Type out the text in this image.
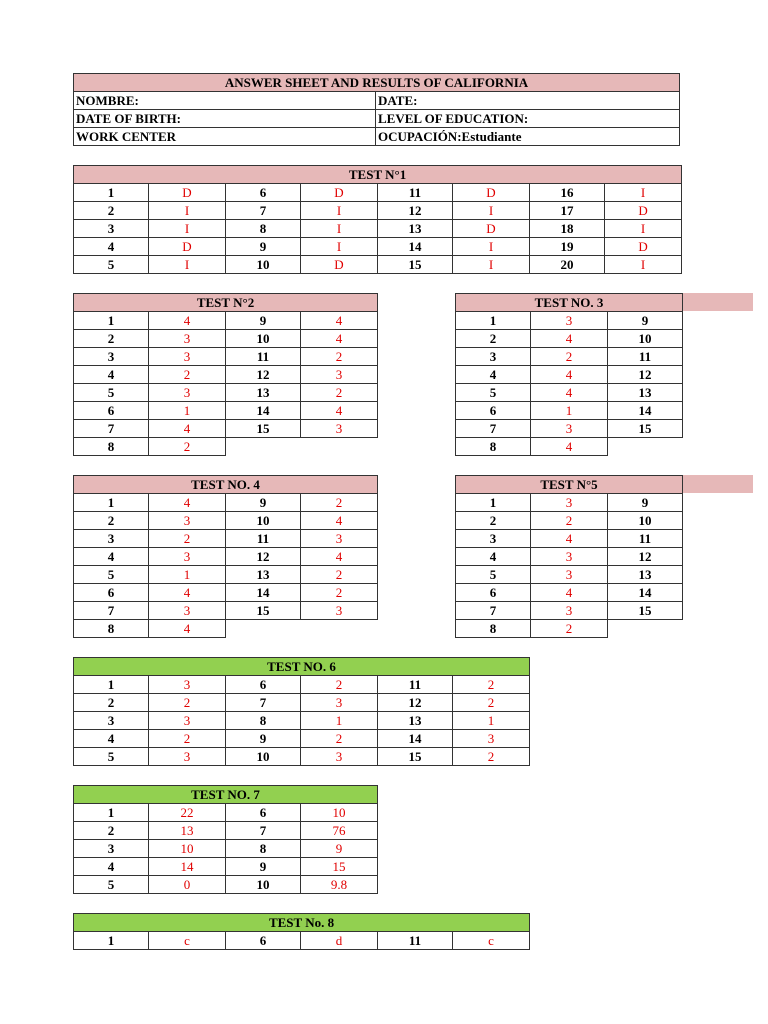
ANSWER SHEET AND RESULTS OF CALIFORNIA	
NOMBRE:	DATE:
DATE OF BIRTH:	LEVEL OF EDUCATION:
WORK CENTER	OCUPACIÓN:Estudiante
TEST N°1							
1	D	6	D	11	D	16	I
2	I	7	I	12	I	17	D
3	I	8	I	13	D	18	I
4	D	9	I	14	I	19	D
5	I	10	D	15	I	20	I
TEST N°2			
1	4	9	4
2	3	10	4
3	3	11	2
4	2	12	3
5	3	13	2
6	1	14	4
7	4	15	3
8	2		
TEST NO. 3		
1	3	9
2	4	10
3	2	11
4	4	12
5	4	13
6	1	14
7	3	15
8	4	
TEST NO. 4			
1	4	9	2
2	3	10	4
3	2	11	3
4	3	12	4
5	1	13	2
6	4	14	2
7	3	15	3
8	4		
TEST N°5		
1	3	9
2	2	10
3	4	11
4	3	12
5	3	13
6	4	14
7	3	15
8	2	
TEST NO. 6					
1	3	6	2	11	2
2	2	7	3	12	2
3	3	8	1	13	1
4	2	9	2	14	3
5	3	10	3	15	2
TEST NO. 7			
1	22	6	10
2	13	7	76
3	10	8	9
4	14	9	15
5	0	10	9.8
TEST No. 8
1	c	6	d	11	c
